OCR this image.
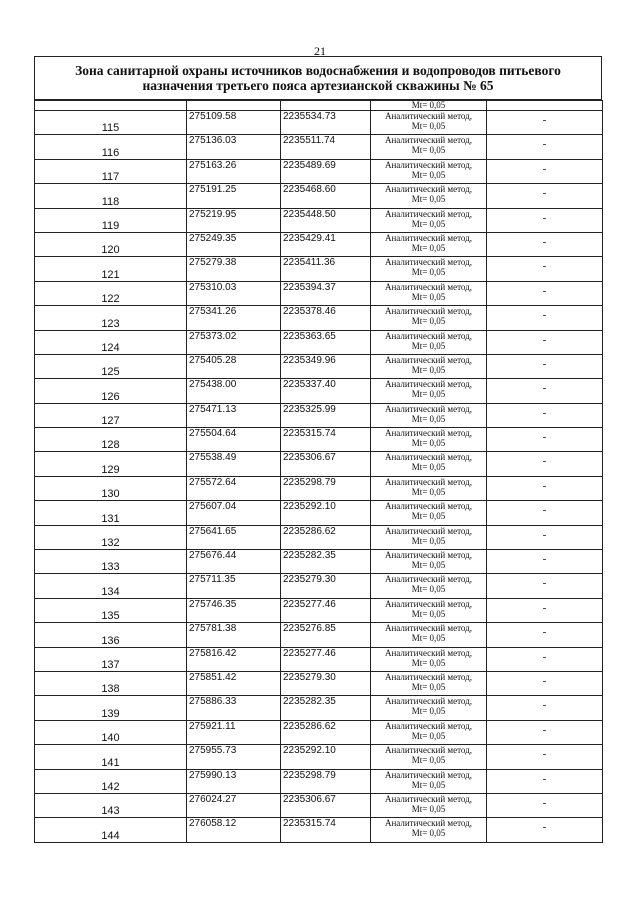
21
Зона санитарной охраны источников водоснабжения и водопроводов питьевого назначения третьего пояса артезианской скважины № 65
			Mt= 0,05	
115	275109.58	2235534.73	Аналитический метод,
Mt= 0,05	-
116	275136.03	2235511.74	Аналитический метод,
Mt= 0,05	-
117	275163.26	2235489.69	Аналитический метод,
Mt= 0,05	-
118	275191.25	2235468.60	Аналитический метод,
Mt= 0,05	-
119	275219.95	2235448.50	Аналитический метод,
Mt= 0,05	-
120	275249.35	2235429.41	Аналитический метод,
Mt= 0,05	-
121	275279.38	2235411.36	Аналитический метод,
Mt= 0,05	-
122	275310.03	2235394.37	Аналитический метод,
Mt= 0,05	-
123	275341.26	2235378.46	Аналитический метод,
Mt= 0,05	-
124	275373.02	2235363.65	Аналитический метод,
Mt= 0,05	-
125	275405.28	2235349.96	Аналитический метод,
Mt= 0,05	-
126	275438.00	2235337.40	Аналитический метод,
Mt= 0,05	-
127	275471.13	2235325.99	Аналитический метод,
Mt= 0,05	-
128	275504.64	2235315.74	Аналитический метод,
Mt= 0,05	-
129	275538.49	2235306.67	Аналитический метод,
Mt= 0,05	-
130	275572.64	2235298.79	Аналитический метод,
Mt= 0,05	-
131	275607.04	2235292.10	Аналитический метод,
Mt= 0,05	-
132	275641.65	2235286.62	Аналитический метод,
Mt= 0,05	-
133	275676.44	2235282.35	Аналитический метод,
Mt= 0,05	-
134	275711.35	2235279.30	Аналитический метод,
Mt= 0,05	-
135	275746.35	2235277.46	Аналитический метод,
Mt= 0,05	-
136	275781.38	2235276.85	Аналитический метод,
Mt= 0,05	-
137	275816.42	2235277.46	Аналитический метод,
Mt= 0,05	-
138	275851.42	2235279.30	Аналитический метод,
Mt= 0,05	-
139	275886.33	2235282.35	Аналитический метод,
Mt= 0,05	-
140	275921.11	2235286.62	Аналитический метод,
Mt= 0,05	-
141	275955.73	2235292.10	Аналитический метод,
Mt= 0,05	-
142	275990.13	2235298.79	Аналитический метод,
Mt= 0,05	-
143	276024.27	2235306.67	Аналитический метод,
Mt= 0,05	-
144	276058.12	2235315.74	Аналитический метод,
Mt= 0,05	-
